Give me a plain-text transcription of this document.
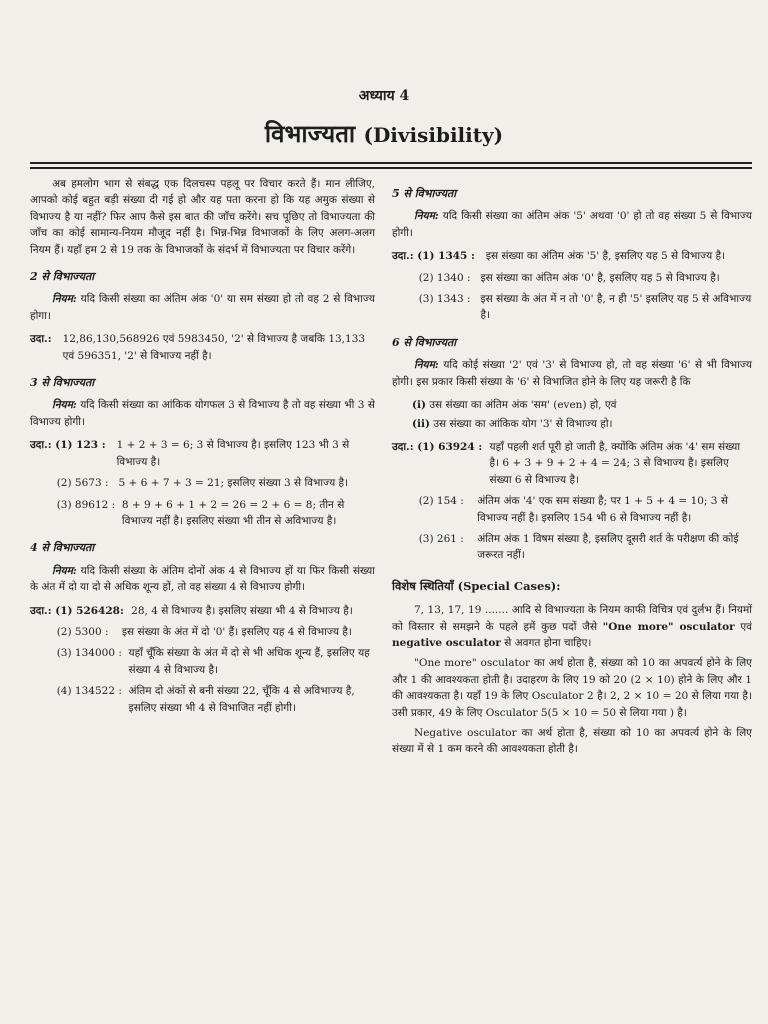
अध्याय 4
विभाज्यता (Divisibility)

अब हमलोग भाग से संबद्ध एक दिलचस्प पहलू पर विचार करते हैं। मान लीजिए, आपको कोई बहुत बड़ी संख्या दी गई हो और यह पता करना हो कि यह अमुक संख्या से विभाज्य है या नहीं? फिर आप कैसे इस बात की जाँच करेंगे। सच पूछिए तो विभाज्यता की जाँच का कोई सामान्य-नियम मौजूद नहीं है। भिन्न-भिन्न विभाजकों के लिए अलग-अलग नियम हैं। यहाँ हम 2 से 19 तक के विभाजकों के संदर्भ में विभाज्यता पर विचार करेंगे।

2 से विभाज्यता

नियम: यदि किसी संख्या का अंतिम अंक '0' या सम संख्या हो तो वह 2 से विभाज्य होगा।

उदा.: 12,86,130,568926 एवं 5983450, '2' से विभाज्य है जबकि 13,133 एवं 596351, '2' से विभाज्य नहीं है।
3 से विभाज्यता

नियम: यदि किसी संख्या का आंकिक योगफल 3 से विभाज्य है तो वह संख्या भी 3 से विभाज्य होगी।

उदा.: (1) 123 : 1 + 2 + 3 = 6; 3 से विभाज्य है। इसलिए 123 भी 3 से विभाज्य है।
(2) 5673 : 5 + 6 + 7 + 3 = 21; इसलिए संख्या 3 से विभाज्य है।
(3) 89612 : 8 + 9 + 6 + 1 + 2 = 26 = 2 + 6 = 8; तीन से विभाज्य नहीं है। इसलिए संख्या भी तीन से अविभाज्य है।
4 से विभाज्यता

नियम: यदि किसी संख्या के अंतिम दोनों अंक 4 से विभाज्य हों या फिर किसी संख्या के अंत में दो या दो से अधिक शून्य हों, तो वह संख्या 4 से विभाज्य होगी।

उदा.: (1) 526428: 28, 4 से विभाज्य है। इसलिए संख्या भी 4 से विभाज्य है।
(2) 5300 : इस संख्या के अंत में दो '0' हैं। इसलिए यह 4 से विभाज्य है।
(3) 134000 : यहाँ चूँकि संख्या के अंत में दो से भी अधिक शून्य हैं, इसलिए यह संख्या 4 से विभाज्य है।
(4) 134522 : अंतिम दो अंकों से बनी संख्या 22, चूँकि 4 से अविभाज्य है, इसलिए संख्या भी 4 से विभाजित नहीं होगी।
5 से विभाज्यता

नियम: यदि किसी संख्या का अंतिम अंक '5' अथवा '0' हो तो वह संख्या 5 से विभाज्य होगी।

उदा.: (1) 1345 : इस संख्या का अंतिम अंक '5' है, इसलिए यह 5 से विभाज्य है।
(2) 1340 : इस संख्या का अंतिम अंक '0' है, इसलिए यह 5 से विभाज्य है।
(3) 1343 : इस संख्या के अंत में न तो '0' है, न ही '5' इसलिए यह 5 से अविभाज्य है।
6 से विभाज्यता

नियम: यदि कोई संख्या '2' एवं '3' से विभाज्य हो, तो वह संख्या '6' से भी विभाज्य होगी। इस प्रकार किसी संख्या के '6' से विभाजित होने के लिए यह जरूरी है कि

(i) उस संख्या का अंतिम अंक 'सम' (even) हो, एवं
(ii) उस संख्या का आंकिक योग '3' से विभाज्य हो।
उदा.: (1) 63924 : यहाँ पहली शर्त पूरी हो जाती है, क्योंकि अंतिम अंक '4' सम संख्या है। 6 + 3 + 9 + 2 + 4 = 24; 3 से विभाज्य है। इसलिए संख्या 6 से विभाज्य है।
(2) 154 : अंतिम अंक '4' एक सम संख्या है; पर 1 + 5 + 4 = 10; 3 से विभाज्य नहीं है। इसलिए 154 भी 6 से विभाज्य नहीं है।
(3) 261 : अंतिम अंक 1 विषम संख्या है, इसलिए दूसरी शर्त के परीक्षण की कोई जरूरत नहीं।
विशेष स्थितियाँ (Special Cases):

7, 13, 17, 19 ....... आदि से विभाज्यता के नियम काफी विचित्र एवं दुर्लभ हैं। नियमों को विस्तार से समझने के पहले हमें कुछ पदों जैसे "One more" osculator एवं negative osculator से अवगत होना चाहिए।

"One more" osculator का अर्थ होता है, संख्या को 10 का अपवर्त्य होने के लिए और 1 की आवश्यकता होती है। उदाहरण के लिए 19 को 20 (2 × 10) होने के लिए और 1 की आवश्यकता है। यहाँ 19 के लिए Osculator 2 है। 2, 2 × 10 = 20 से लिया गया है। उसी प्रकार, 49 के लिए Osculator 5(5 × 10 = 50 से लिया गया ) है।

Negative osculator का अर्थ होता है, संख्या को 10 का अपवर्त्य होने के लिए संख्या में से 1 कम करने की आवश्यकता होती है।
